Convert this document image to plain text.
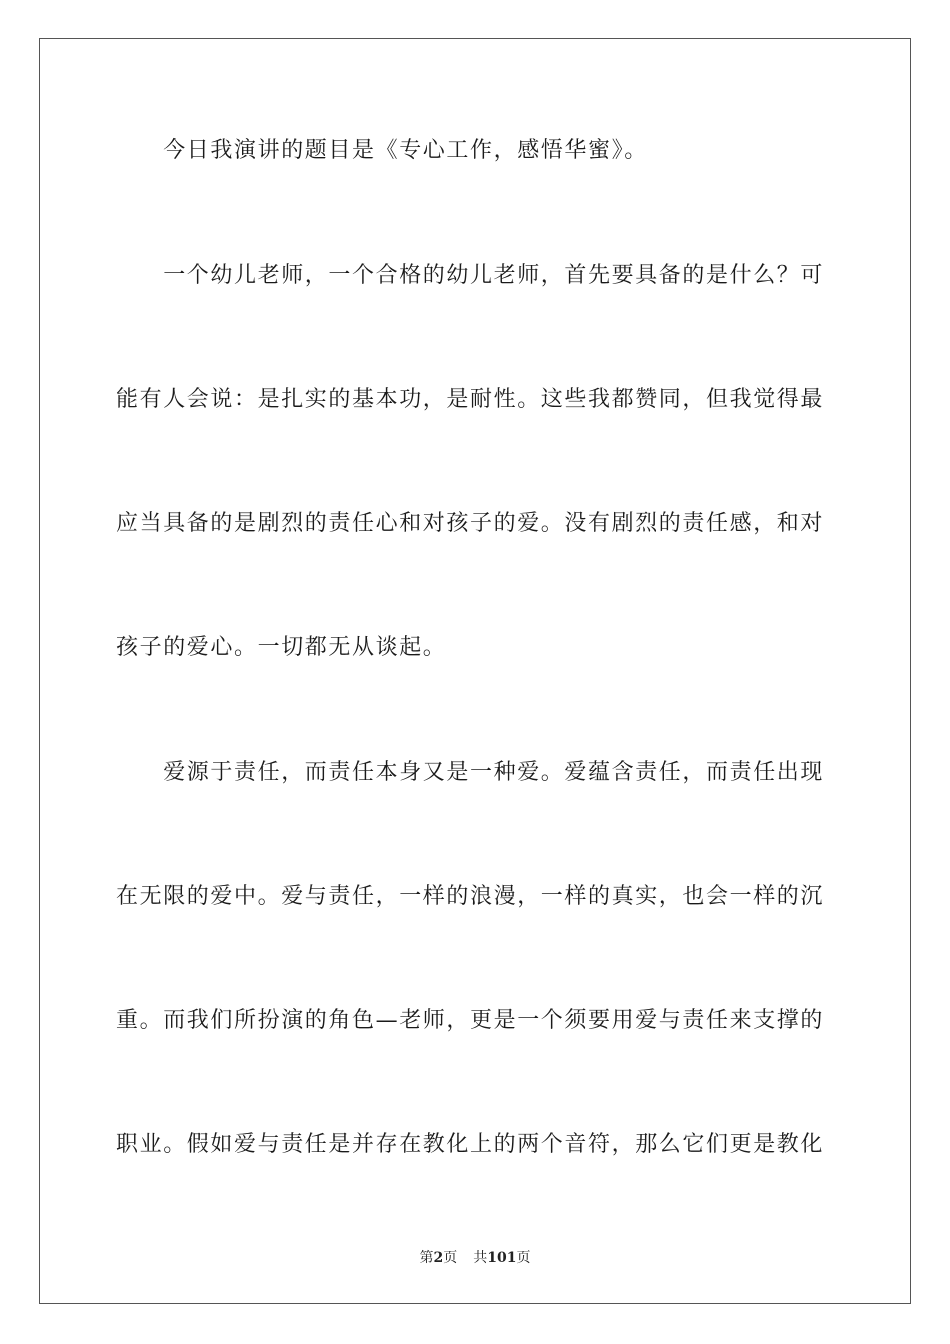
　　今日我演讲的题目是《专心工作，感悟华蜜》。
　　一个幼儿老师，一个合格的幼儿老师，首先要具备的是什么？可
能有人会说：是扎实的基本功，是耐性。这些我都赞同，但我觉得最
应当具备的是剧烈的责任心和对孩子的爱。没有剧烈的责任感，和对
孩子的爱心。一切都无从谈起。
　　爱源于责任，而责任本身又是一种爱。爱蕴含责任，而责任出现
在无限的爱中。爱与责任，一样的浪漫，一样的真实，也会一样的沉
重。而我们所扮演的角色—老师，更是一个须要用爱与责任来支撑的
职业。假如爱与责任是并存在教化上的两个音符，那么它们更是教化
第2页 共101页
